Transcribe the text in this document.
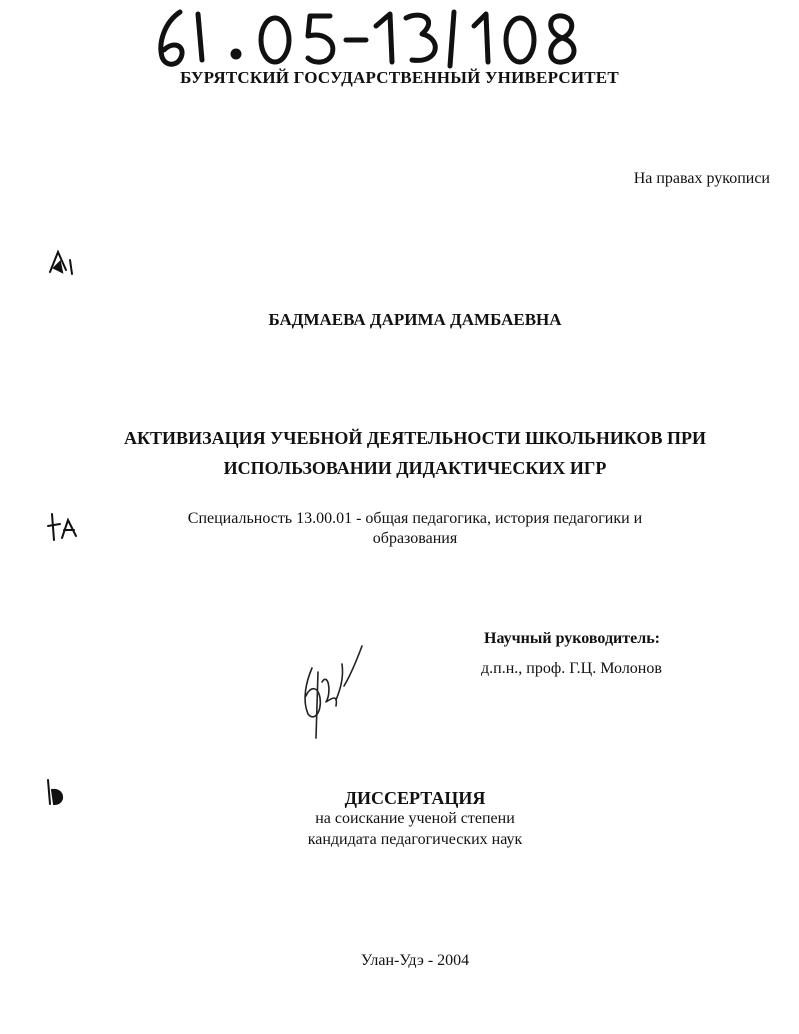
БУРЯТСКИЙ ГОСУДАРСТВЕННЫЙ УНИВЕРСИТЕТ
На правах рукописи
БАДМАЕВА ДАРИМА ДАМБАЕВНА
АКТИВИЗАЦИЯ УЧЕБНОЙ ДЕЯТЕЛЬНОСТИ ШКОЛЬНИКОВ ПРИ
ИСПОЛЬЗОВАНИИ ДИДАКТИЧЕСКИХ ИГР
Специальность 13.00.01 - общая педагогика, история педагогики и
образования
Научный руководитель:
д.п.н., проф. Г.Ц. Молонов
ДИССЕРТАЦИЯ
на соискание ученой степени
кандидата педагогических наук
Улан-Удэ - 2004
